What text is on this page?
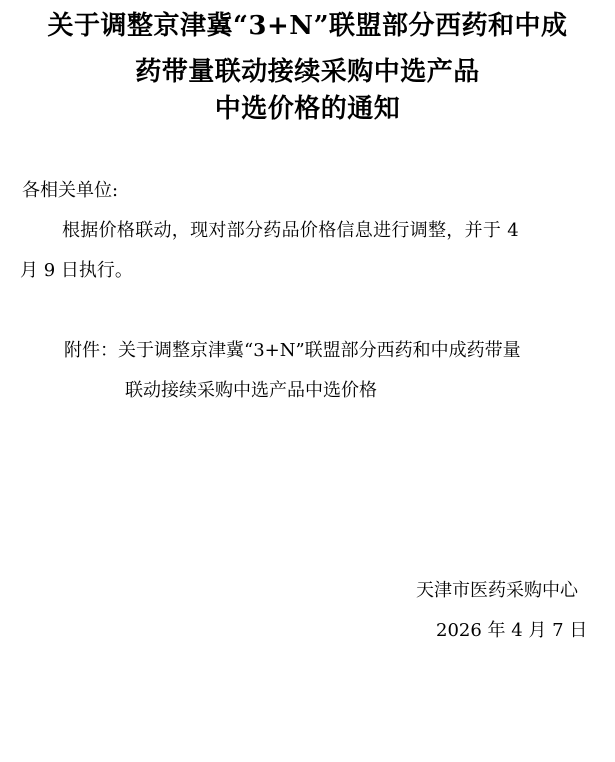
关于调整京津冀“3+N”联盟部分西药和中成
药带量联动接续采购中选产品
中选价格的通知
各相关单位:
根据价格联动，现对部分药品价格信息进行调整，并于 4
月 9 日执行。
附件：关于调整京津冀“3+N”联盟部分西药和中成药带量
联动接续采购中选产品中选价格
天津市医药采购中心
2026 年 4 月 7 日
